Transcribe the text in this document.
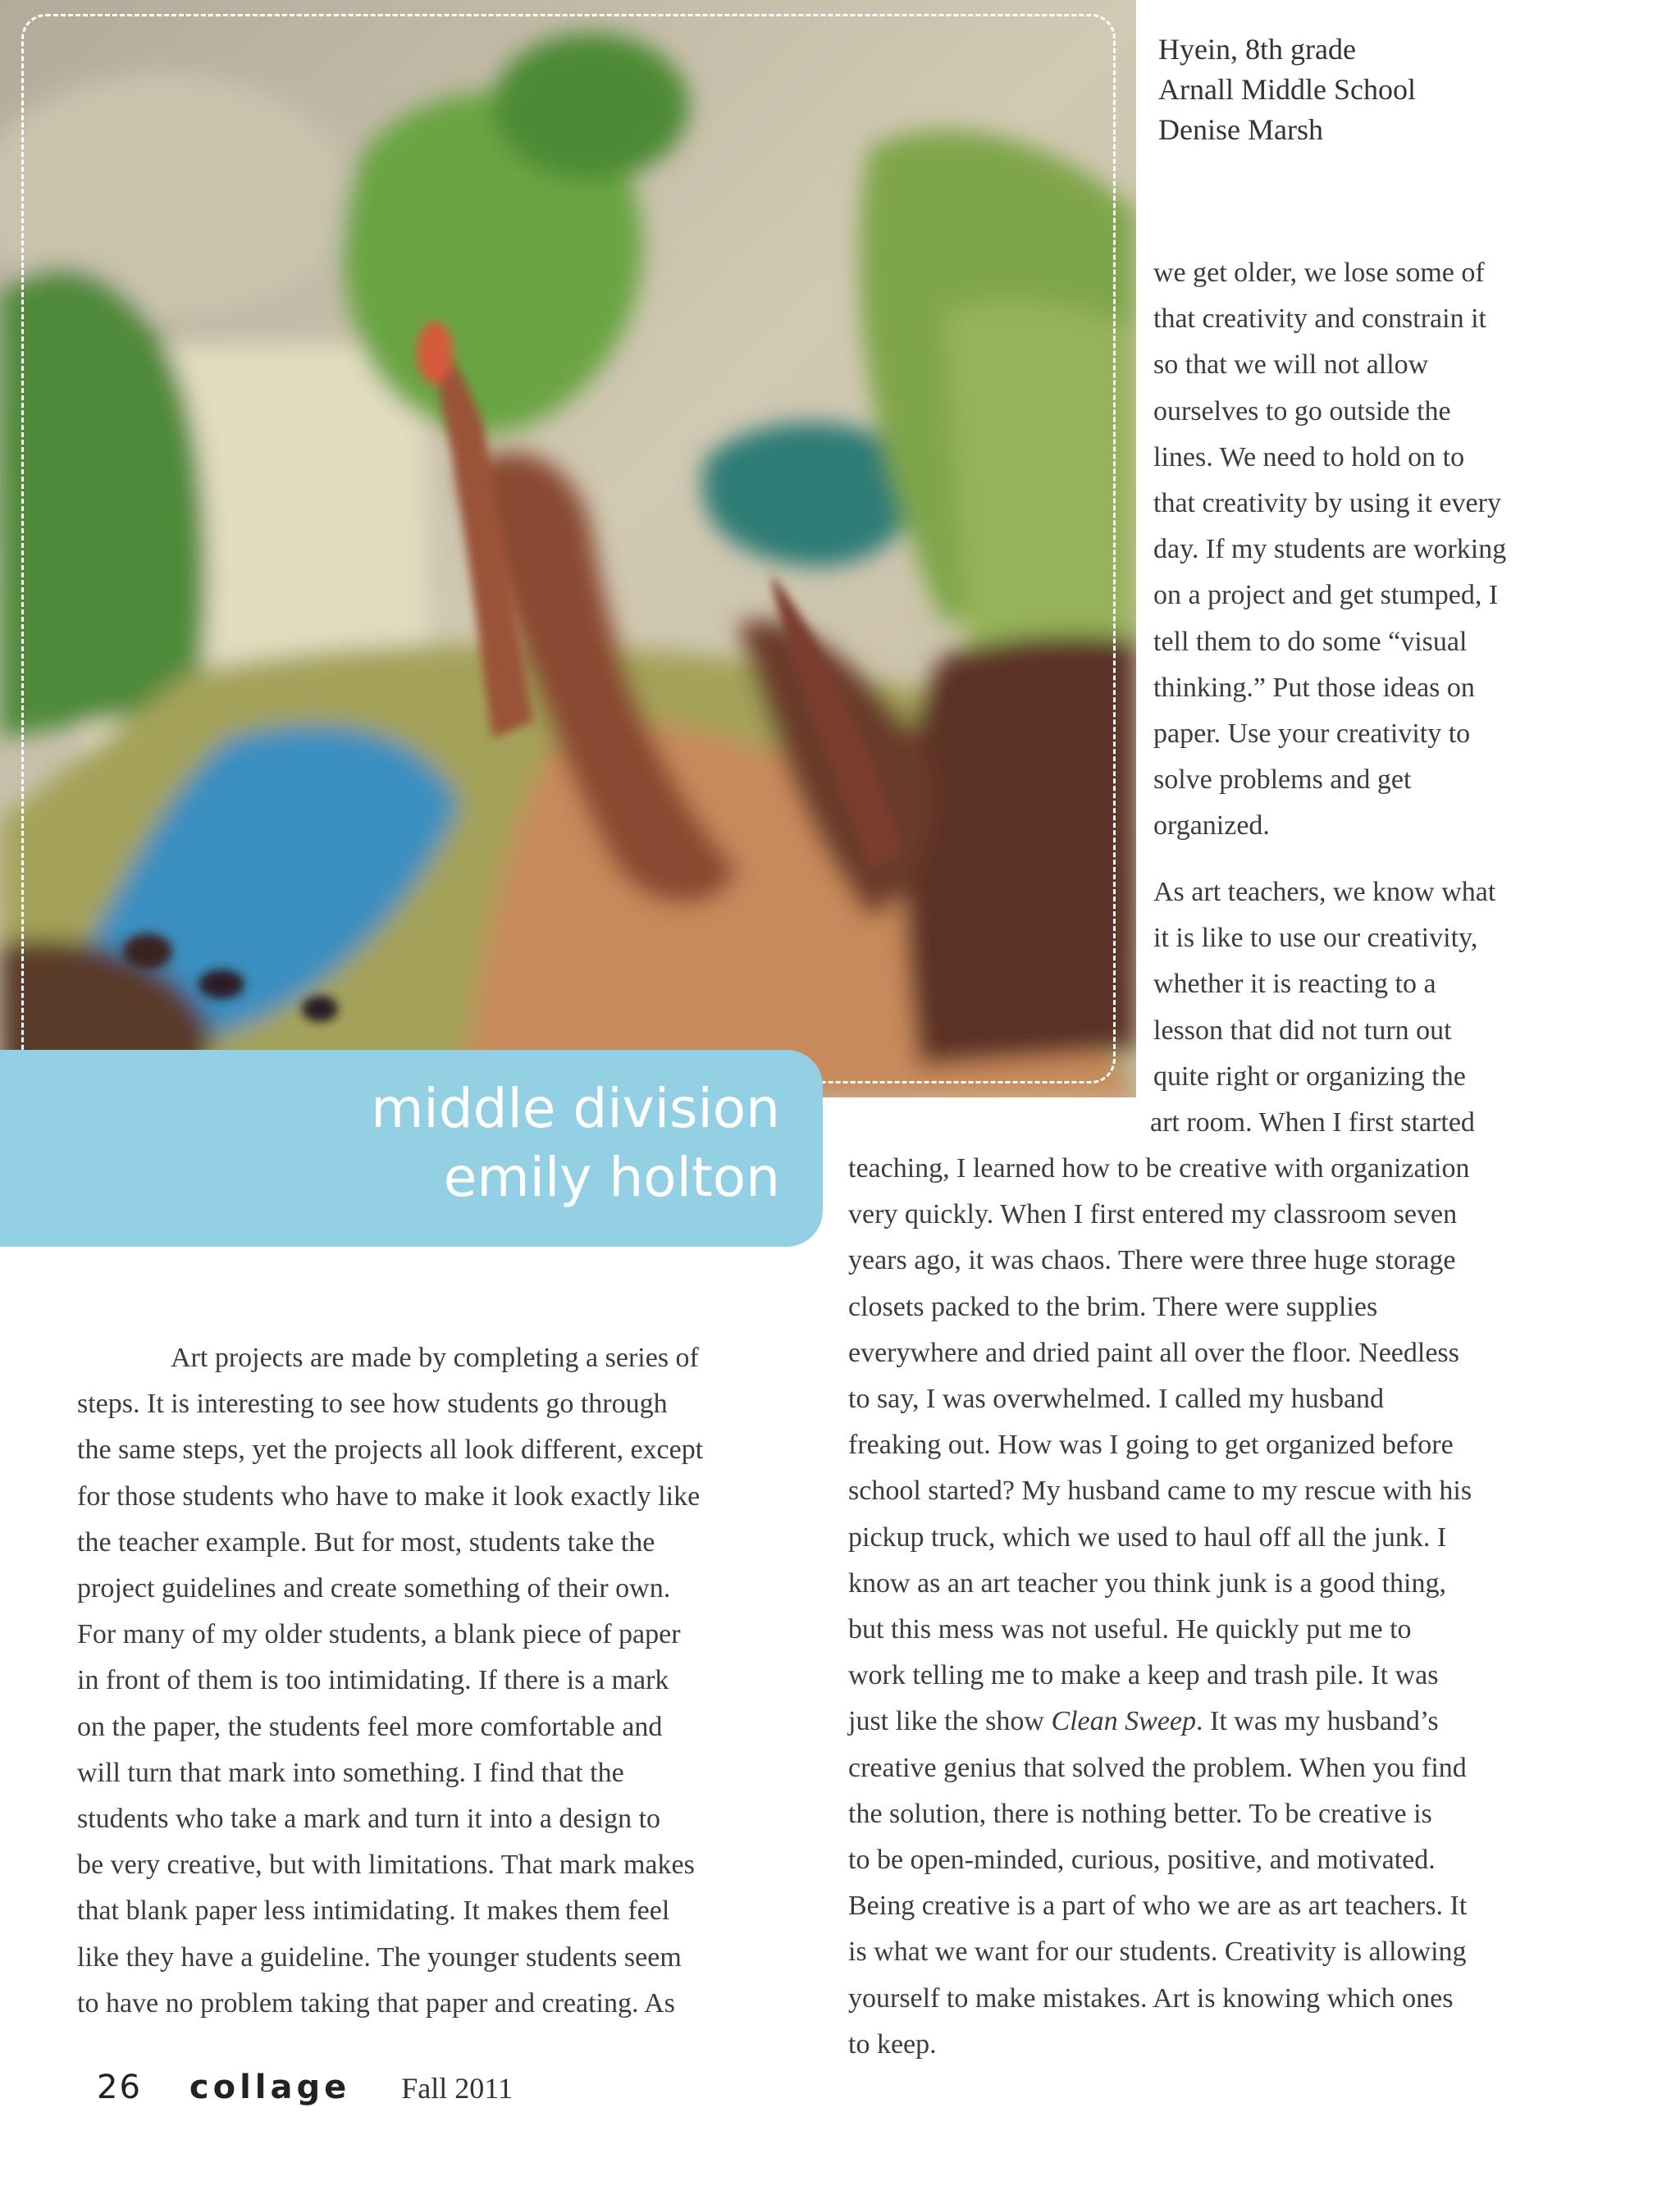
Hyein, 8th grade
Arnall Middle School
Denise Marsh
middle division
emily holton
we get older, we lose some of
that creativity and constrain it
so that we will not allow
ourselves to go outside the
lines. We need to hold on to
that creativity by using it every
day. If my students are working
on a project and get stumped, I
tell them to do some “visual
thinking.” Put those ideas on
paper. Use your creativity to
solve problems and get
organized.
As art teachers, we know what
it is like to use our creativity,
whether it is reacting to a
lesson that did not turn out
quite right or organizing the
art room. When I first started
teaching, I learned how to be creative with organization
very quickly. When I first entered my classroom seven
years ago, it was chaos. There were three huge storage
closets packed to the brim. There were supplies
everywhere and dried paint all over the floor. Needless
to say, I was overwhelmed. I called my husband
freaking out. How was I going to get organized before
school started? My husband came to my rescue with his
pickup truck, which we used to haul off all the junk. I
know as an art teacher you think junk is a good thing,
but this mess was not useful. He quickly put me to
work telling me to make a keep and trash pile. It was
just like the show Clean Sweep. It was my husband’s
creative genius that solved the problem. When you find
the solution, there is nothing better. To be creative is
to be open-minded, curious, positive, and motivated.
Being creative is a part of who we are as art teachers. It
is what we want for our students. Creativity is allowing
yourself to make mistakes. Art is knowing which ones
to keep.
Art projects are made by completing a series of
steps. It is interesting to see how students go through
the same steps, yet the projects all look different, except
for those students who have to make it look exactly like
the teacher example. But for most, students take the
project guidelines and create something of their own.
For many of my older students, a blank piece of paper
in front of them is too intimidating. If there is a mark
on the paper, the students feel more comfortable and
will turn that mark into something. I find that the
students who take a mark and turn it into a design to
be very creative, but with limitations. That mark makes
that blank paper less intimidating. It makes them feel
like they have a guideline. The younger students seem
to have no problem taking that paper and creating. As
26 collage Fall 2011
